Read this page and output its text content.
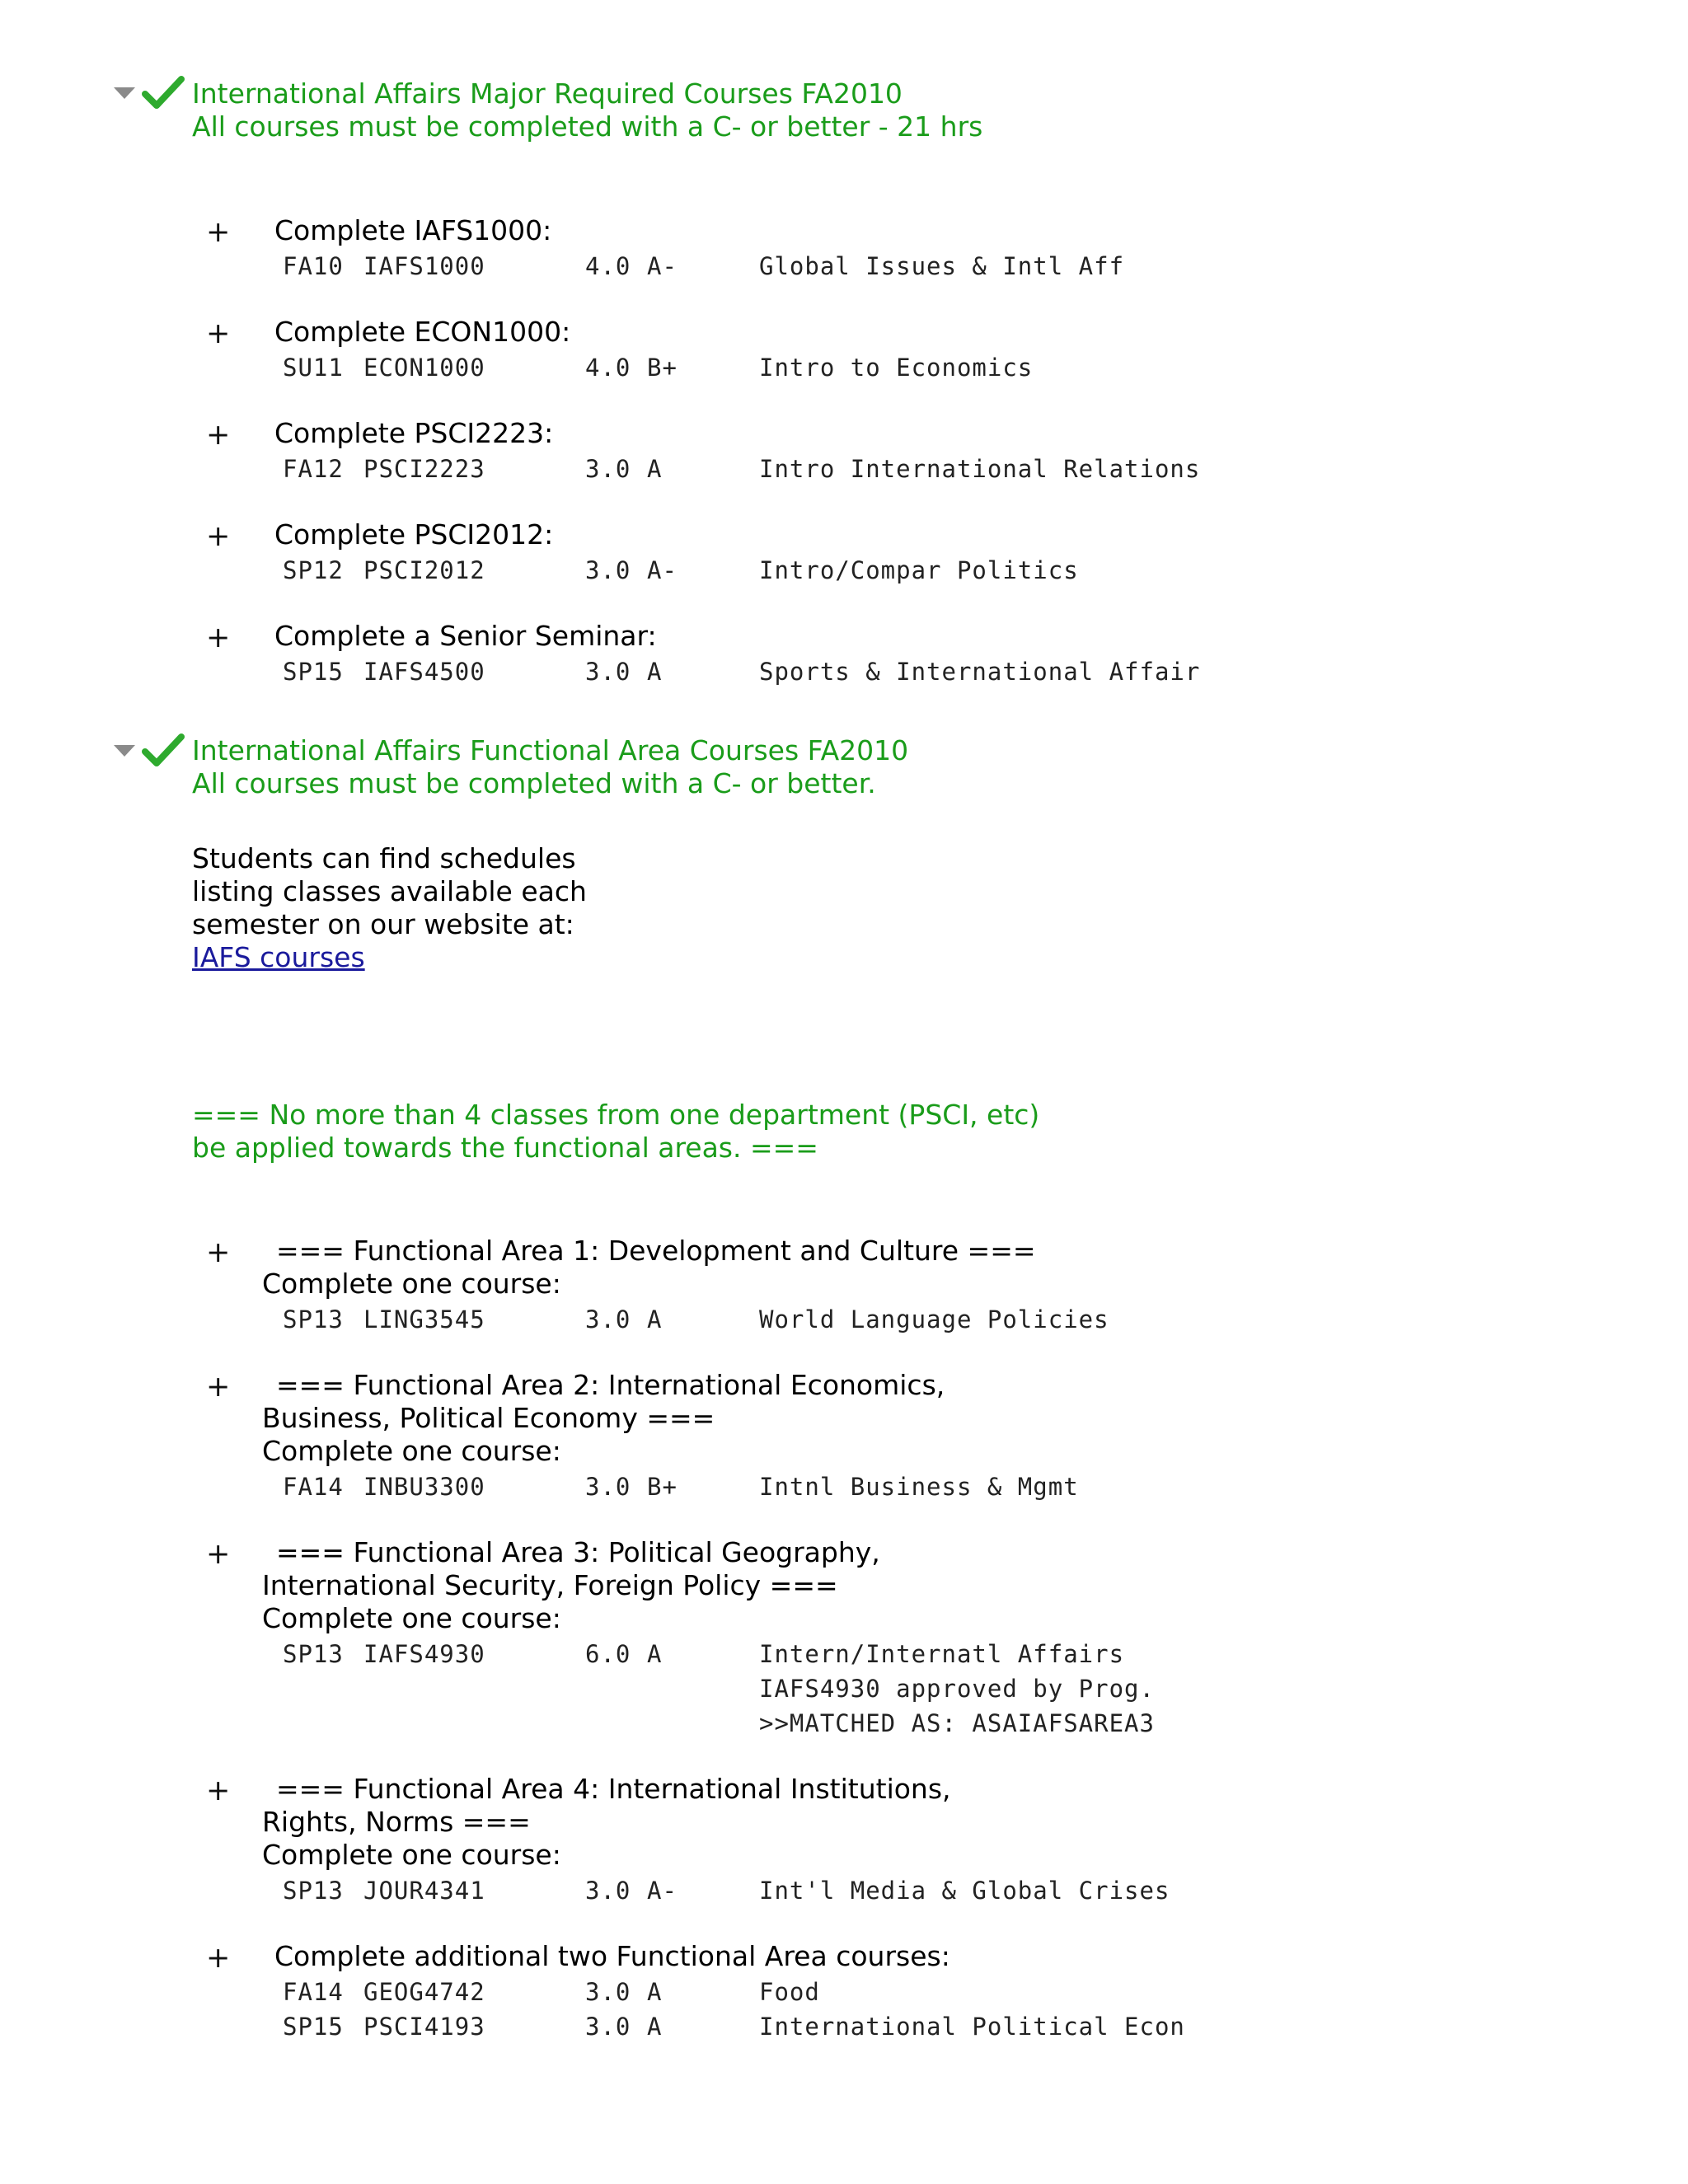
International Affairs Major Required Courses FA2010
All courses must be completed with a C- or better - 21 hrs
+ Complete IAFS1000:
FA10 IAFS1000	4.0 A-	Global Issues & Intl Aff
+ Complete ECON1000:
SU11 ECON1000	4.0 B+	Intro to Economics
+ Complete PSCI2223:
FA12 PSCI2223	3.0 A	Intro International Relations
+ Complete PSCI2012:
SP12 PSCI2012	3.0 A-	Intro/Compar Politics
+ Complete a Senior Seminar:
SP15 IAFS4500	3.0 A	Sports & International Affair
International Affairs Functional Area Courses FA2010
All courses must be completed with a C- or better.
Students can find schedules
listing classes available each
semester on our website at:
IAFS courses
=== No more than 4 classes from one department (PSCI, etc)
be applied towards the functional areas. ===
+ === Functional Area 1: Development and Culture ===
Complete one course:
SP13 LING3545	3.0 A	World Language Policies
+ === Functional Area 2: International Economics,
Business, Political Economy ===
Complete one course:
FA14 INBU3300	3.0 B+	Intnl Business & Mgmt
+ === Functional Area 3: Political Geography,
International Security, Foreign Policy ===
Complete one course:
SP13 IAFS4930	6.0 A	Intern/Internatl Affairs
IAFS4930 approved by Prog.
>>MATCHED AS: ASAIAFSAREA3
+ === Functional Area 4: International Institutions,
Rights, Norms ===
Complete one course:
SP13 JOUR4341	3.0 A-	Int'l Media & Global Crises
+ Complete additional two Functional Area courses:
FA14 GEOG4742	3.0 A	Food
SP15 PSCI4193	3.0 A	International Political Econ
